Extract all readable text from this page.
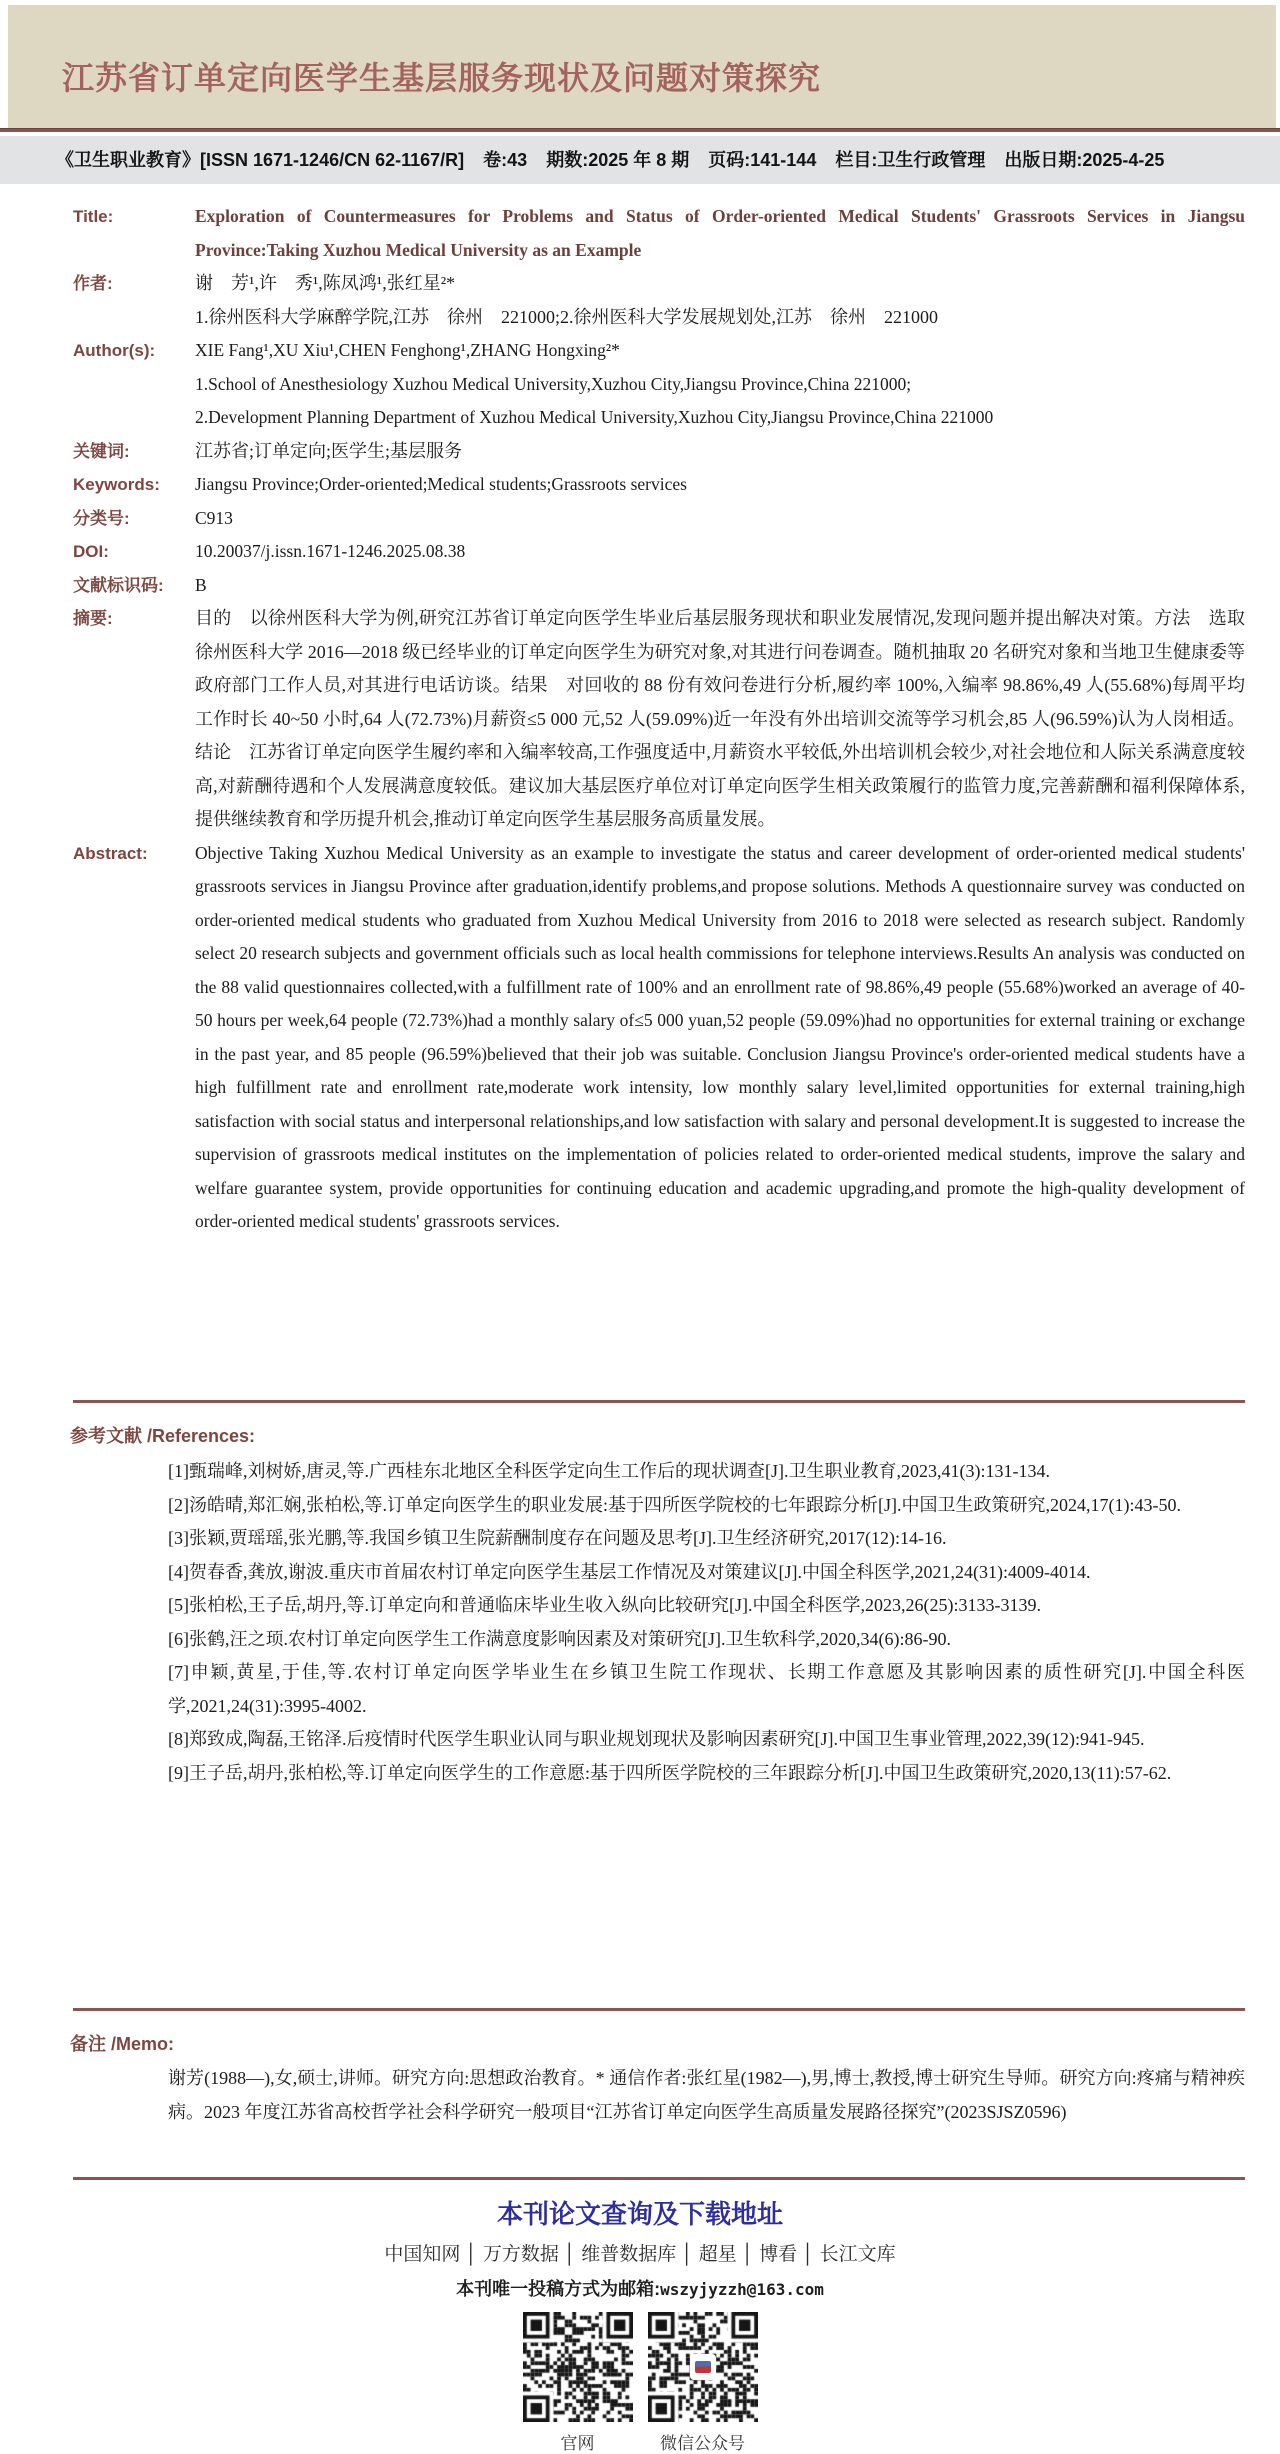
江苏省订单定向医学生基层服务现状及问题对策探究
《卫生职业教育》[ISSN 1671-1246/CN 62-1167/R] 卷:43 期数:2025 年 8 期 页码:141-144 栏目:卫生行政管理 出版日期:2025-4-25
Title:	Exploration of Countermeasures for Problems and Status of Order-oriented Medical Students' Grassroots Services in Jiangsu Province:Taking Xuzhou Medical University as an Example
作者:	谢　芳¹,许　秀¹,陈凤鸿¹,张红星²*
1.徐州医科大学麻醉学院,江苏　徐州　221000;2.徐州医科大学发展规划处,江苏　徐州　221000
Author(s):	XIE Fang¹,XU Xiu¹,CHEN Fenghong¹,ZHANG Hongxing²*
1.School of Anesthesiology Xuzhou Medical University,Xuzhou City,Jiangsu Province,China 221000;
2.Development Planning Department of Xuzhou Medical University,Xuzhou City,Jiangsu Province,China 221000
关键词:	江苏省;订单定向;医学生;基层服务
Keywords:	Jiangsu Province;Order-oriented;Medical students;Grassroots services
分类号:	C913
DOI:	10.20037/j.issn.1671-1246.2025.08.38
文献标识码:	B
摘要:	目的　以徐州医科大学为例,研究江苏省订单定向医学生毕业后基层服务现状和职业发展情况,发现问题并提出解决对策。方法　选取徐州医科大学 2016—2018 级已经毕业的订单定向医学生为研究对象,对其进行问卷调查。随机抽取 20 名研究对象和当地卫生健康委等政府部门工作人员,对其进行电话访谈。结果　对回收的 88 份有效问卷进行分析,履约率 100%,入编率 98.86%,49 人(55.68%)每周平均工作时长 40~50 小时,64 人(72.73%)月薪资≤5 000 元,52 人(59.09%)近一年没有外出培训交流等学习机会,85 人(96.59%)认为人岗相适。结论　江苏省订单定向医学生履约率和入编率较高,工作强度适中,月薪资水平较低,外出培训机会较少,对社会地位和人际关系满意度较高,对薪酬待遇和个人发展满意度较低。建议加大基层医疗单位对订单定向医学生相关政策履行的监管力度,完善薪酬和福利保障体系,提供继续教育和学历提升机会,推动订单定向医学生基层服务高质量发展。
Abstract:	Objective Taking Xuzhou Medical University as an example to investigate the status and career development of order-oriented medical students' grassroots services in Jiangsu Province after graduation,identify problems,and propose solutions. Methods A questionnaire survey was conducted on order-oriented medical students who graduated from Xuzhou Medical University from 2016 to 2018 were selected as research subject. Randomly select 20 research subjects and government officials such as local health commissions for telephone interviews.Results An analysis was conducted on the 88 valid questionnaires collected,with a fulfillment rate of 100% and an enrollment rate of 98.86%,49 people (55.68%)worked an average of 40-50 hours per week,64 people (72.73%)had a monthly salary of≤5 000 yuan,52 people (59.09%)had no opportunities for external training or exchange in the past year, and 85 people (96.59%)believed that their job was suitable. Conclusion Jiangsu Province's order-oriented medical students have a high fulfillment rate and enrollment rate,moderate work intensity, low monthly salary level,limited opportunities for external training,high satisfaction with social status and interpersonal relationships,and low satisfaction with salary and personal development.It is suggested to increase the supervision of grassroots medical institutes on the implementation of policies related to order-oriented medical students, improve the salary and welfare guarantee system, provide opportunities for continuing education and academic upgrading,and promote the high-quality development of order-oriented medical students' grassroots services.
参考文献 /References:

[1]甄瑞峰,刘树娇,唐灵,等.广西桂东北地区全科医学定向生工作后的现状调查[J].卫生职业教育,2023,41(3):131-134.

[2]汤皓晴,郑汇娴,张柏松,等.订单定向医学生的职业发展:基于四所医学院校的七年跟踪分析[J].中国卫生政策研究,2024,17(1):43-50.

[3]张颖,贾瑶瑶,张光鹏,等.我国乡镇卫生院薪酬制度存在问题及思考[J].卫生经济研究,2017(12):14-16.

[4]贺春香,龚放,谢波.重庆市首届农村订单定向医学生基层工作情况及对策建议[J].中国全科医学,2021,24(31):4009-4014.

[5]张柏松,王子岳,胡丹,等.订单定向和普通临床毕业生收入纵向比较研究[J].中国全科医学,2023,26(25):3133-3139.

[6]张鹤,汪之顼.农村订单定向医学生工作满意度影响因素及对策研究[J].卫生软科学,2020,34(6):86-90.

[7]申颖,黄星,于佳,等.农村订单定向医学毕业生在乡镇卫生院工作现状、长期工作意愿及其影响因素的质性研究[J].中国全科医学,2021,24(31):3995-4002.

[8]郑致成,陶磊,王铭泽.后疫情时代医学生职业认同与职业规划现状及影响因素研究[J].中国卫生事业管理,2022,39(12):941-945.

[9]王子岳,胡丹,张柏松,等.订单定向医学生的工作意愿:基于四所医学院校的三年跟踪分析[J].中国卫生政策研究,2020,13(11):57-62.

备注 /Memo:
谢芳(1988—),女,硕士,讲师。研究方向:思想政治教育。* 通信作者:张红星(1982—),男,博士,教授,博士研究生导师。研究方向:疼痛与精神疾病。2023 年度江苏省高校哲学社会科学研究一般项目“江苏省订单定向医学生高质量发展路径探究”(2023SJSZ0596)

本刊论文查询及下载地址

中国知网 │ 万方数据 │ 维普数据库 │ 超星 │ 博看 │ 长江文库
本刊唯一投稿方式为邮箱:wszyjyzzh@163.com
官网	微信公众号
